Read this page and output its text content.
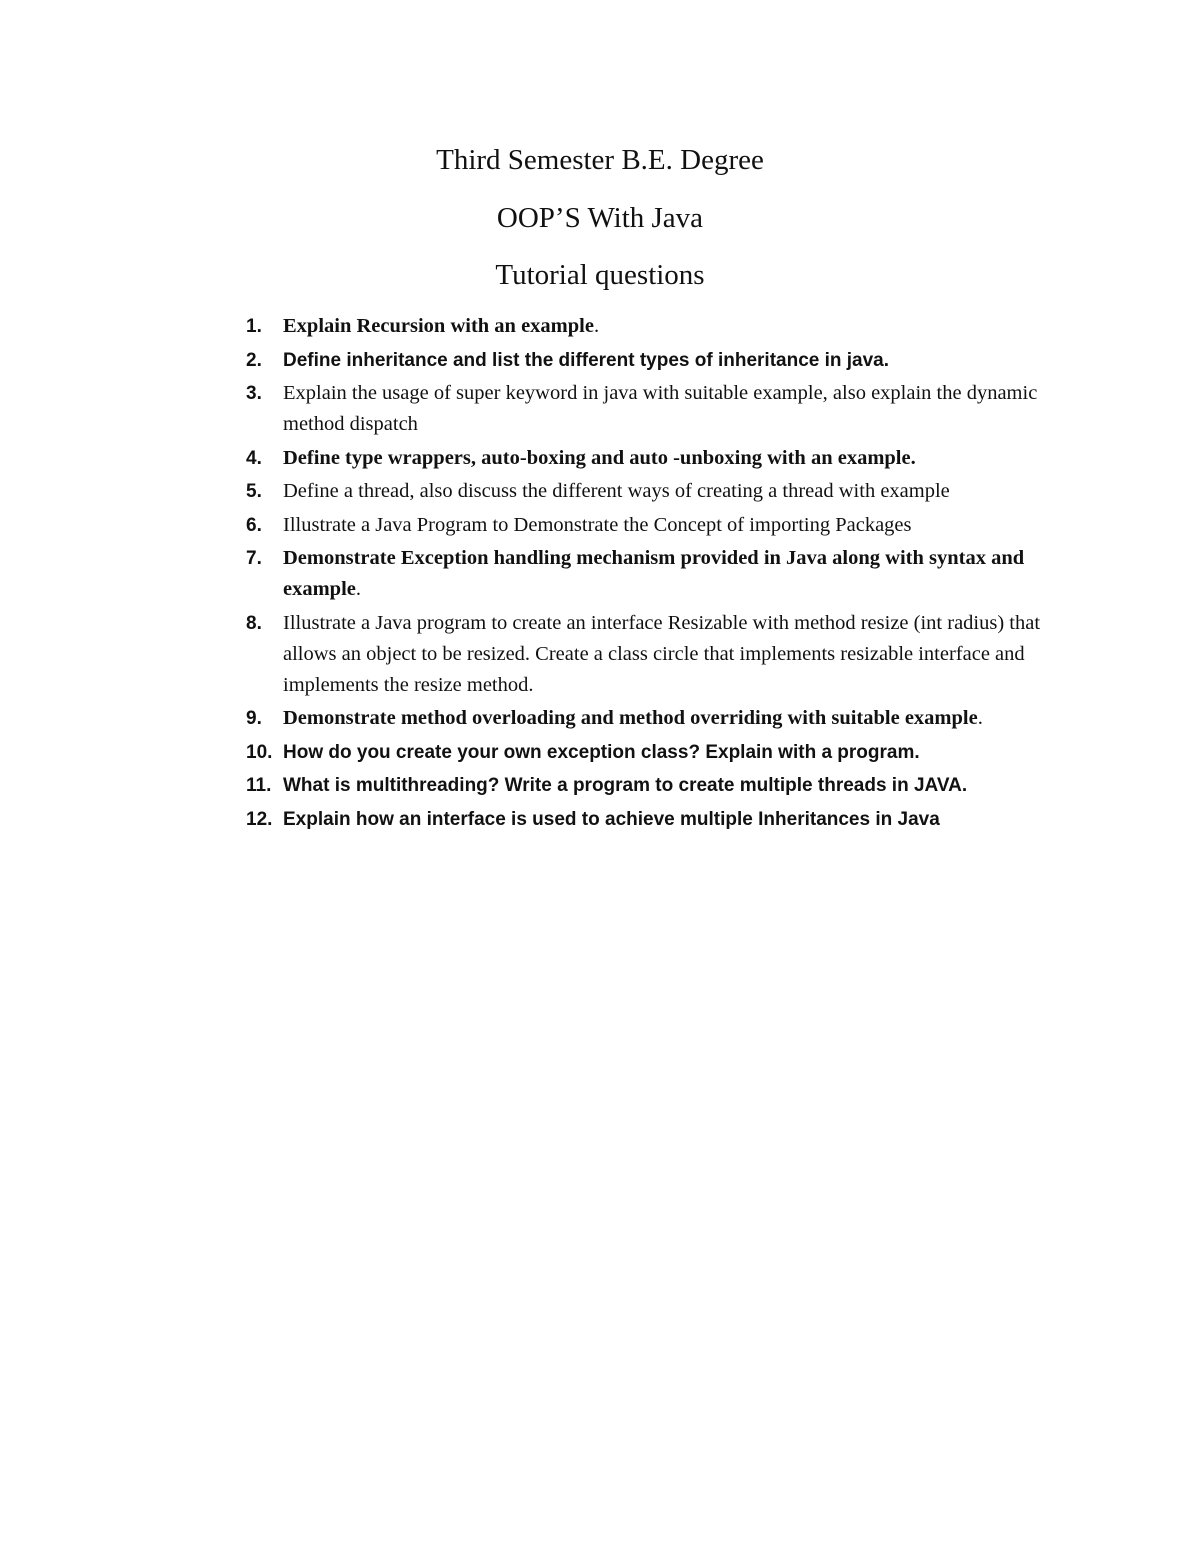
Third Semester B.E. Degree
OOP’S With Java
Tutorial questions
1. Explain Recursion with an example.
2. Define inheritance and list the different types of inheritance in java.
3. Explain the usage of super keyword in java with suitable example, also explain the dynamic method dispatch
4. Define type wrappers, auto-boxing and auto -unboxing with an example.
5. Define a thread, also discuss the different ways of creating a thread with example
6. Illustrate a Java Program to Demonstrate the Concept of importing Packages
7. Demonstrate Exception handling mechanism provided in Java along with syntax and example.
8. Illustrate a Java program to create an interface Resizable with method resize (int radius) that allows an object to be resized. Create a class circle that implements resizable interface and implements the resize method.
9. Demonstrate method overloading and method overriding with suitable example.
10. How do you create your own exception class? Explain with a program.
11. What is multithreading? Write a program to create multiple threads in JAVA.
12. Explain how an interface is used to achieve multiple Inheritances in Java
